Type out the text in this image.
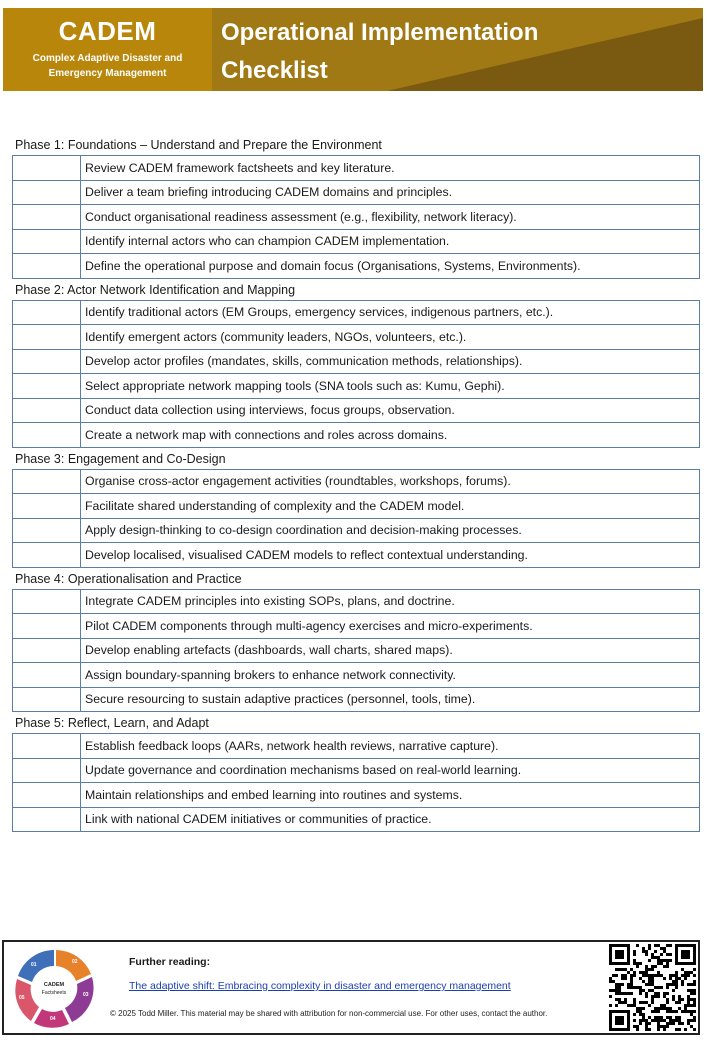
CADEM
Complex Adaptive Disaster and Emergency Management
Operational Implementation Checklist
Phase 1: Foundations – Understand and Prepare the Environment
	Review CADEM framework factsheets and key literature.
	Deliver a team briefing introducing CADEM domains and principles.
	Conduct organisational readiness assessment (e.g., flexibility, network literacy).
	Identify internal actors who can champion CADEM implementation.
	Define the operational purpose and domain focus (Organisations, Systems, Environments).
Phase 2: Actor Network Identification and Mapping
	Identify traditional actors (EM Groups, emergency services, indigenous partners, etc.).
	Identify emergent actors (community leaders, NGOs, volunteers, etc.).
	Develop actor profiles (mandates, skills, communication methods, relationships).
	Select appropriate network mapping tools (SNA tools such as: Kumu, Gephi).
	Conduct data collection using interviews, focus groups, observation.
	Create a network map with connections and roles across domains.
Phase 3: Engagement and Co-Design
	Organise cross-actor engagement activities (roundtables, workshops, forums).
	Facilitate shared understanding of complexity and the CADEM model.
	Apply design-thinking to co-design coordination and decision-making processes.
	Develop localised, visualised CADEM models to reflect contextual understanding.
Phase 4: Operationalisation and Practice
	Integrate CADEM principles into existing SOPs, plans, and doctrine.
	Pilot CADEM components through multi-agency exercises and micro-experiments.
	Develop enabling artefacts (dashboards, wall charts, shared maps).
	Assign boundary-spanning brokers to enhance network connectivity.
	Secure resourcing to sustain adaptive practices (personnel, tools, time).
Phase 5: Reflect, Learn, and Adapt
	Establish feedback loops (AARs, network health reviews, narrative capture).
	Update governance and coordination mechanisms based on real-world learning.
	Maintain relationships and embed learning into routines and systems.
	Link with national CADEM initiatives or communities of practice.
CADEM
Factsheets
01	02
03
04
05
Further reading:
The adaptive shift: Embracing complexity in disaster and emergency management
© 2025 Todd Miller. This material may be shared with attribution for non-commercial use. For other uses, contact the author.
